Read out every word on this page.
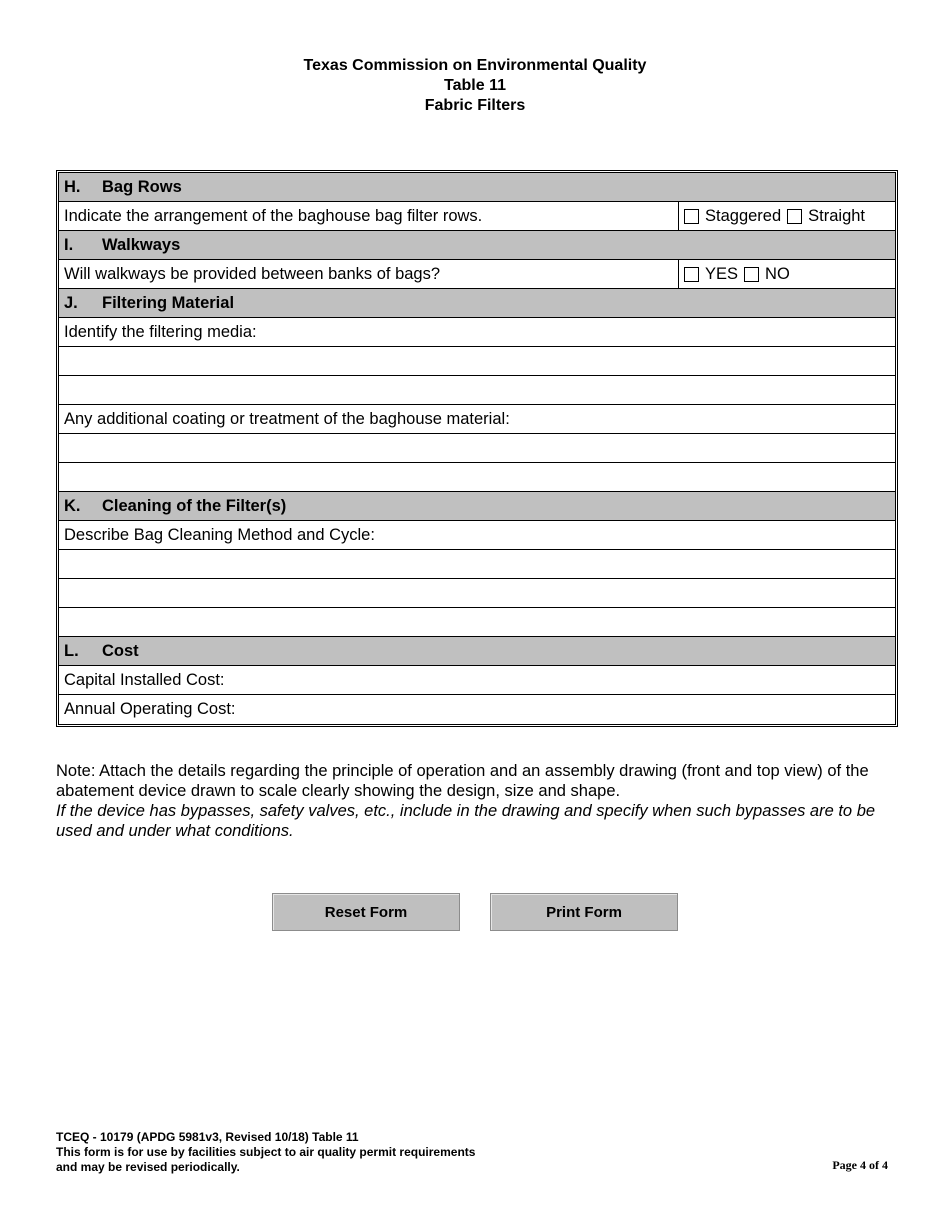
Texas Commission on Environmental Quality
Table 11
Fabric Filters
H.	Bag Rows
Indicate the arrangement of the baghouse bag filter rows.	Staggered Straight
I.	Walkways
Will walkways be provided between banks of bags?	YES NO
J.	Filtering Material
Identify the filtering media:
Any additional coating or treatment of the baghouse material:
K.	Cleaning of the Filter(s)
Describe Bag Cleaning Method and Cycle:
L.	Cost
Capital Installed Cost:
Annual Operating Cost:
Note: Attach the details regarding the principle of operation and an assembly drawing (front and top view) of the abatement device drawn to scale clearly showing the design, size and shape.
If the device has bypasses, safety valves, etc., include in the drawing and specify when such bypasses are to be used and under what conditions.
Reset Form	Print Form
TCEQ - 10179 (APDG 5981v3, Revised 10/18) Table 11
This form is for use by facilities subject to air quality permit requirements
and may be revised periodically.	Page 4 of 4
